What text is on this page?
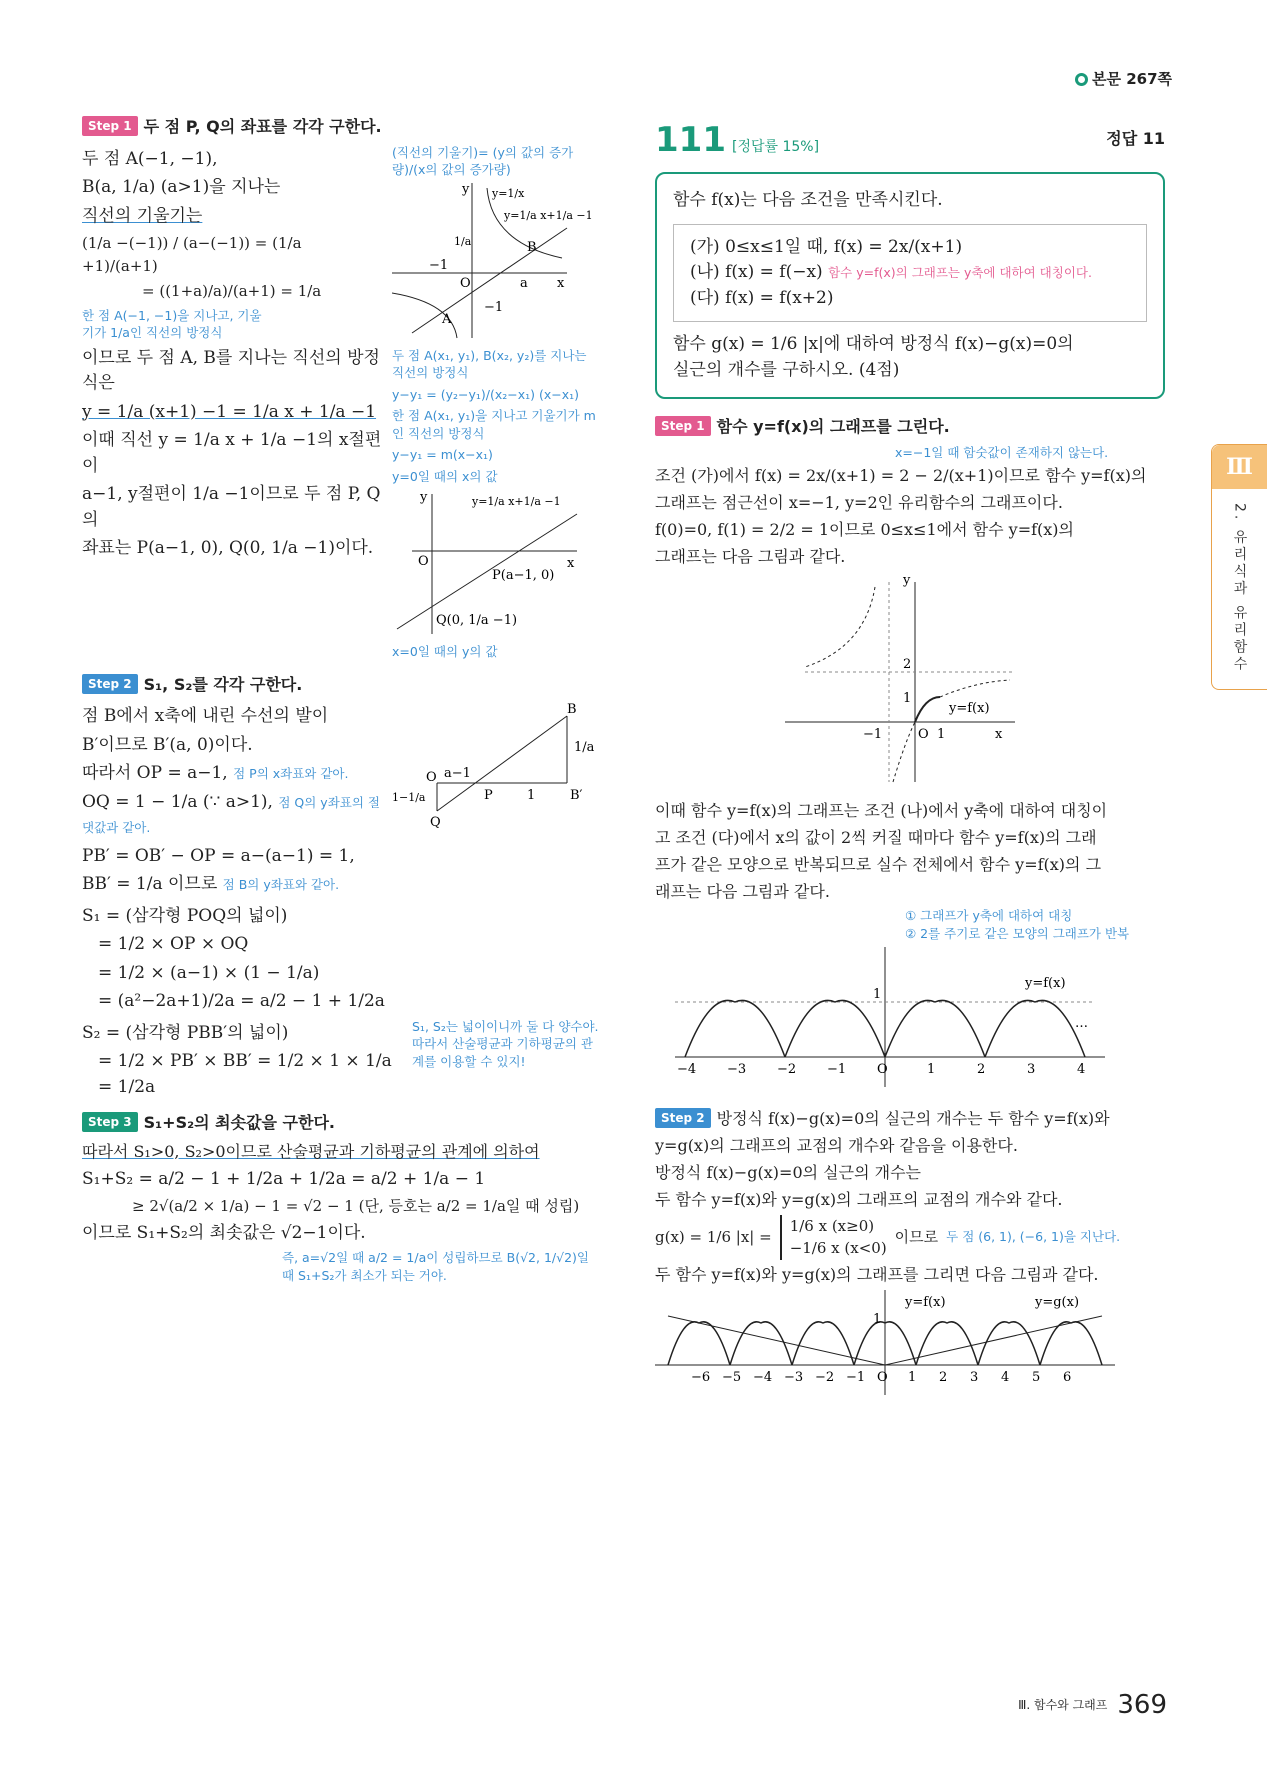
본문 267쪽
Step 1 두 점 P, Q의 좌표를 각각 구한다.
두 점 A(−1, −1),
B(a, 1/a) (a>1)을 지나는
직선의 기울기는
(1/a −(−1)) / (a−(−1)) = (1/a +1)/(a+1)
= ((1+a)/a)/(a+1) = 1/a
한 점 A(−1, −1)을 지나고, 기울기가 1/a인 직선의 방정식
이므로 두 점 A, B를 지나는 직선의 방정식은
y = 1/a (x+1) −1 = 1/a x + 1/a −1
이때 직선 y = 1/a x + 1/a −1의 x절편이
a−1, y절편이 1/a −1이므로 두 점 P, Q의
좌표는 P(a−1, 0), Q(0, 1/a −1)이다.
(직선의 기울기)= (y의 값의 증가량)/(x의 값의 증가량)
B
A
O	a
−1
−1
1/a
x
y y=1/x
y=1/a x+1/a −1
두 점 A(x₁, y₁), B(x₂, y₂)를 지나는 직선의 방정식
y−y₁ = (y₂−y₁)/(x₂−x₁) (x−x₁)
한 점 A(x₁, y₁)을 지나고 기울기가 m인 직선의 방정식
y−y₁ = m(x−x₁)
y=0일 때의 x의 값
O	x
y
P(a−1, 0)
Q(0, 1/a −1)
y=1/a x+1/a −1
x=0일 때의 y의 값
Step 2 S₁, S₂를 각각 구한다.
점 B에서 x축에 내린 수선의 발이
B′이므로 B′(a, 0)이다.
따라서 OP = a−1, 점 P의 x좌표와 같아.
OQ = 1 − 1/a (∵ a>1), 점 Q의 y좌표의 절댓값과 같아.
PB′ = OB′ − OP = a−(a−1) = 1,
BB′ = 1/a 이므로 점 B의 y좌표와 같아.
B
O
P
Q
B′
a−1
1
1/a
1−1/a
S₁ = (삼각형 POQ의 넓이)
= 1/2 × OP × OQ
= 1/2 × (a−1) × (1 − 1/a)
= (a²−2a+1)/2a = a/2 − 1 + 1/2a
S₂ = (삼각형 PBB′의 넓이)
= 1/2 × PB′ × BB′ = 1/2 × 1 × 1/a = 1/2a
S₁, S₂는 넓이이니까 둘 다 양수야. 따라서 산술평균과 기하평균의 관계를 이용할 수 있지!
Step 3 S₁+S₂의 최솟값을 구한다.
따라서 S₁>0, S₂>0이므로 산술평균과 기하평균의 관계에 의하여
S₁+S₂ = a/2 − 1 + 1/2a + 1/2a = a/2 + 1/a − 1
≥ 2√(a/2 × 1/a) − 1 = √2 − 1 (단, 등호는 a/2 = 1/a일 때 성립)
이므로 S₁+S₂의 최솟값은 √2−1이다.
즉, a=√2일 때 a/2 = 1/a이 성립하므로 B(√2, 1/√2)일 때 S₁+S₂가 최소가 되는 거야.
111 [정답률 15%]	정답 11
함수 f(x)는 다음 조건을 만족시킨다.
(가) 0≤x≤1일 때, f(x) = 2x/(x+1)
(나) f(x) = f(−x) 함수 y=f(x)의 그래프는 y축에 대하여 대칭이다.
(다) f(x) = f(x+2)
함수 g(x) = 1/6 |x|에 대하여 방정식 f(x)−g(x)=0의
실근의 개수를 구하시오. (4점)
Step 1 함수 y=f(x)의 그래프를 그린다.
x=−1일 때 함숫값이 존재하지 않는다.
조건 (가)에서 f(x) = 2x/(x+1) = 2 − 2/(x+1)이므로 함수 y=f(x)의
그래프는 점근선이 x=−1, y=2인 유리함수의 그래프이다.
f(0)=0, f(1) = 2/2 = 1이므로 0≤x≤1에서 함수 y=f(x)의
그래프는 다음 그림과 같다.
y
2
1
−1	O 1	x
y=f(x)
이때 함수 y=f(x)의 그래프는 조건 (나)에서 y축에 대하여 대칭이
고 조건 (다)에서 x의 값이 2씩 커질 때마다 함수 y=f(x)의 그래
프가 같은 모양으로 반복되므로 실수 전체에서 함수 y=f(x)의 그
래프는 다음 그림과 같다.
① 그래프가 y축에 대하여 대칭
② 2를 주기로 같은 모양의 그래프가 반복
−4 −3 −2 −1 O	1	2	3	4
1
y=f(x)
…
Step 2 방정식 f(x)−g(x)=0의 실근의 개수는 두 함수 y=f(x)와
y=g(x)의 그래프의 교점의 개수와 같음을 이용한다.
방정식 f(x)−g(x)=0의 실근의 개수는
두 함수 y=f(x)와 y=g(x)의 그래프의 교점의 개수와 같다.
g(x) = 1/6 |x| =
1/6 x (x≥0)
−1/6 x (x<0)
이므로 두 점 (6, 1), (−6, 1)을 지난다.
두 함수 y=f(x)와 y=g(x)의 그래프를 그리면 다음 그림과 같다.
−6 −5 −4 −3 −2 −1 O 1 2 3 4 5 6
1
y=f(x)	y=g(x)
Ⅲ
2. 유리식과 유리함수
Ⅲ. 함수와 그래프 369
